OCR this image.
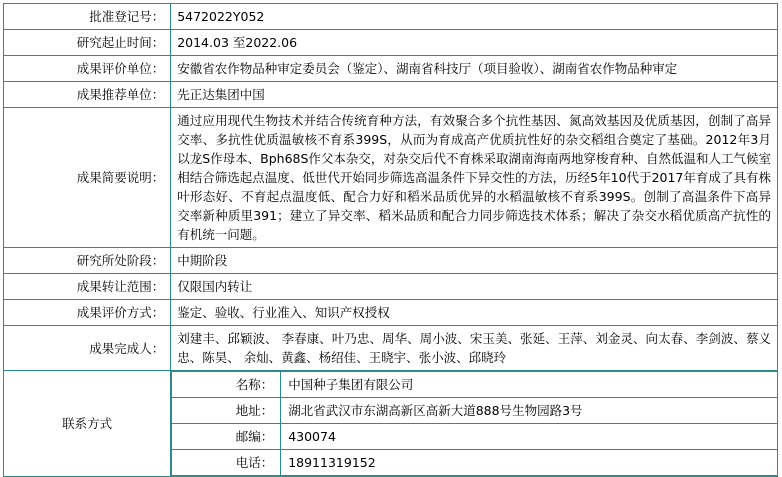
批准登记号：	5472022Y052
研究起止时间：	2014.03 至2022.06
成果评价单位：	安徽省农作物品种审定委员会（鉴定）、湖南省科技厅（项目验收）、湖南省农作物品种审定
成果推荐单位：	先正达集团中国
成果简要说明：	通过应用现代生物技术并结合传统育种方法，有效聚合多个抗性基因、氮高效基因及优质基因，创制了高异交率、多抗性优质温敏核不育系399S，从而为育成高产优质抗性好的杂交稻组合奠定了基础。2012年3月以龙S作母本、Bph68S作父本杂交，对杂交后代不育株采取湖南海南两地穿梭育种、自然低温和人工气候室相结合筛选起点温度、低世代开始同步筛选高温条件下异交性的方法，历经5年10代于2017年育成了具有株叶形态好、不育起点温度低、配合力好和稻米品质优异的水稻温敏核不育系399S。创制了高温条件下高异交率新种质里391；建立了异交率、稻米品质和配合力同步筛选技术体系；解决了杂交水稻优质高产抗性的有机统一问题。
研究所处阶段：	中期阶段
成果转让范围：	仅限国内转让
成果评价方式：	鉴定、验收、行业准入、知识产权授权
成果完成人：	刘建丰、邱颖波、 李春康、叶乃忠、周华、周小波、宋玉美、张延、王萍、刘金灵、向太春、李剑波、蔡义忠、陈昊、 余灿、黄鑫、杨绍佳、王晓宇、张小波、邱晓玲
联系方式	
名称：	中国种子集团有限公司
地址：	湖北省武汉市东湖高新区高新大道888号生物园路3号
邮编：	430074
电话：	18911319152
